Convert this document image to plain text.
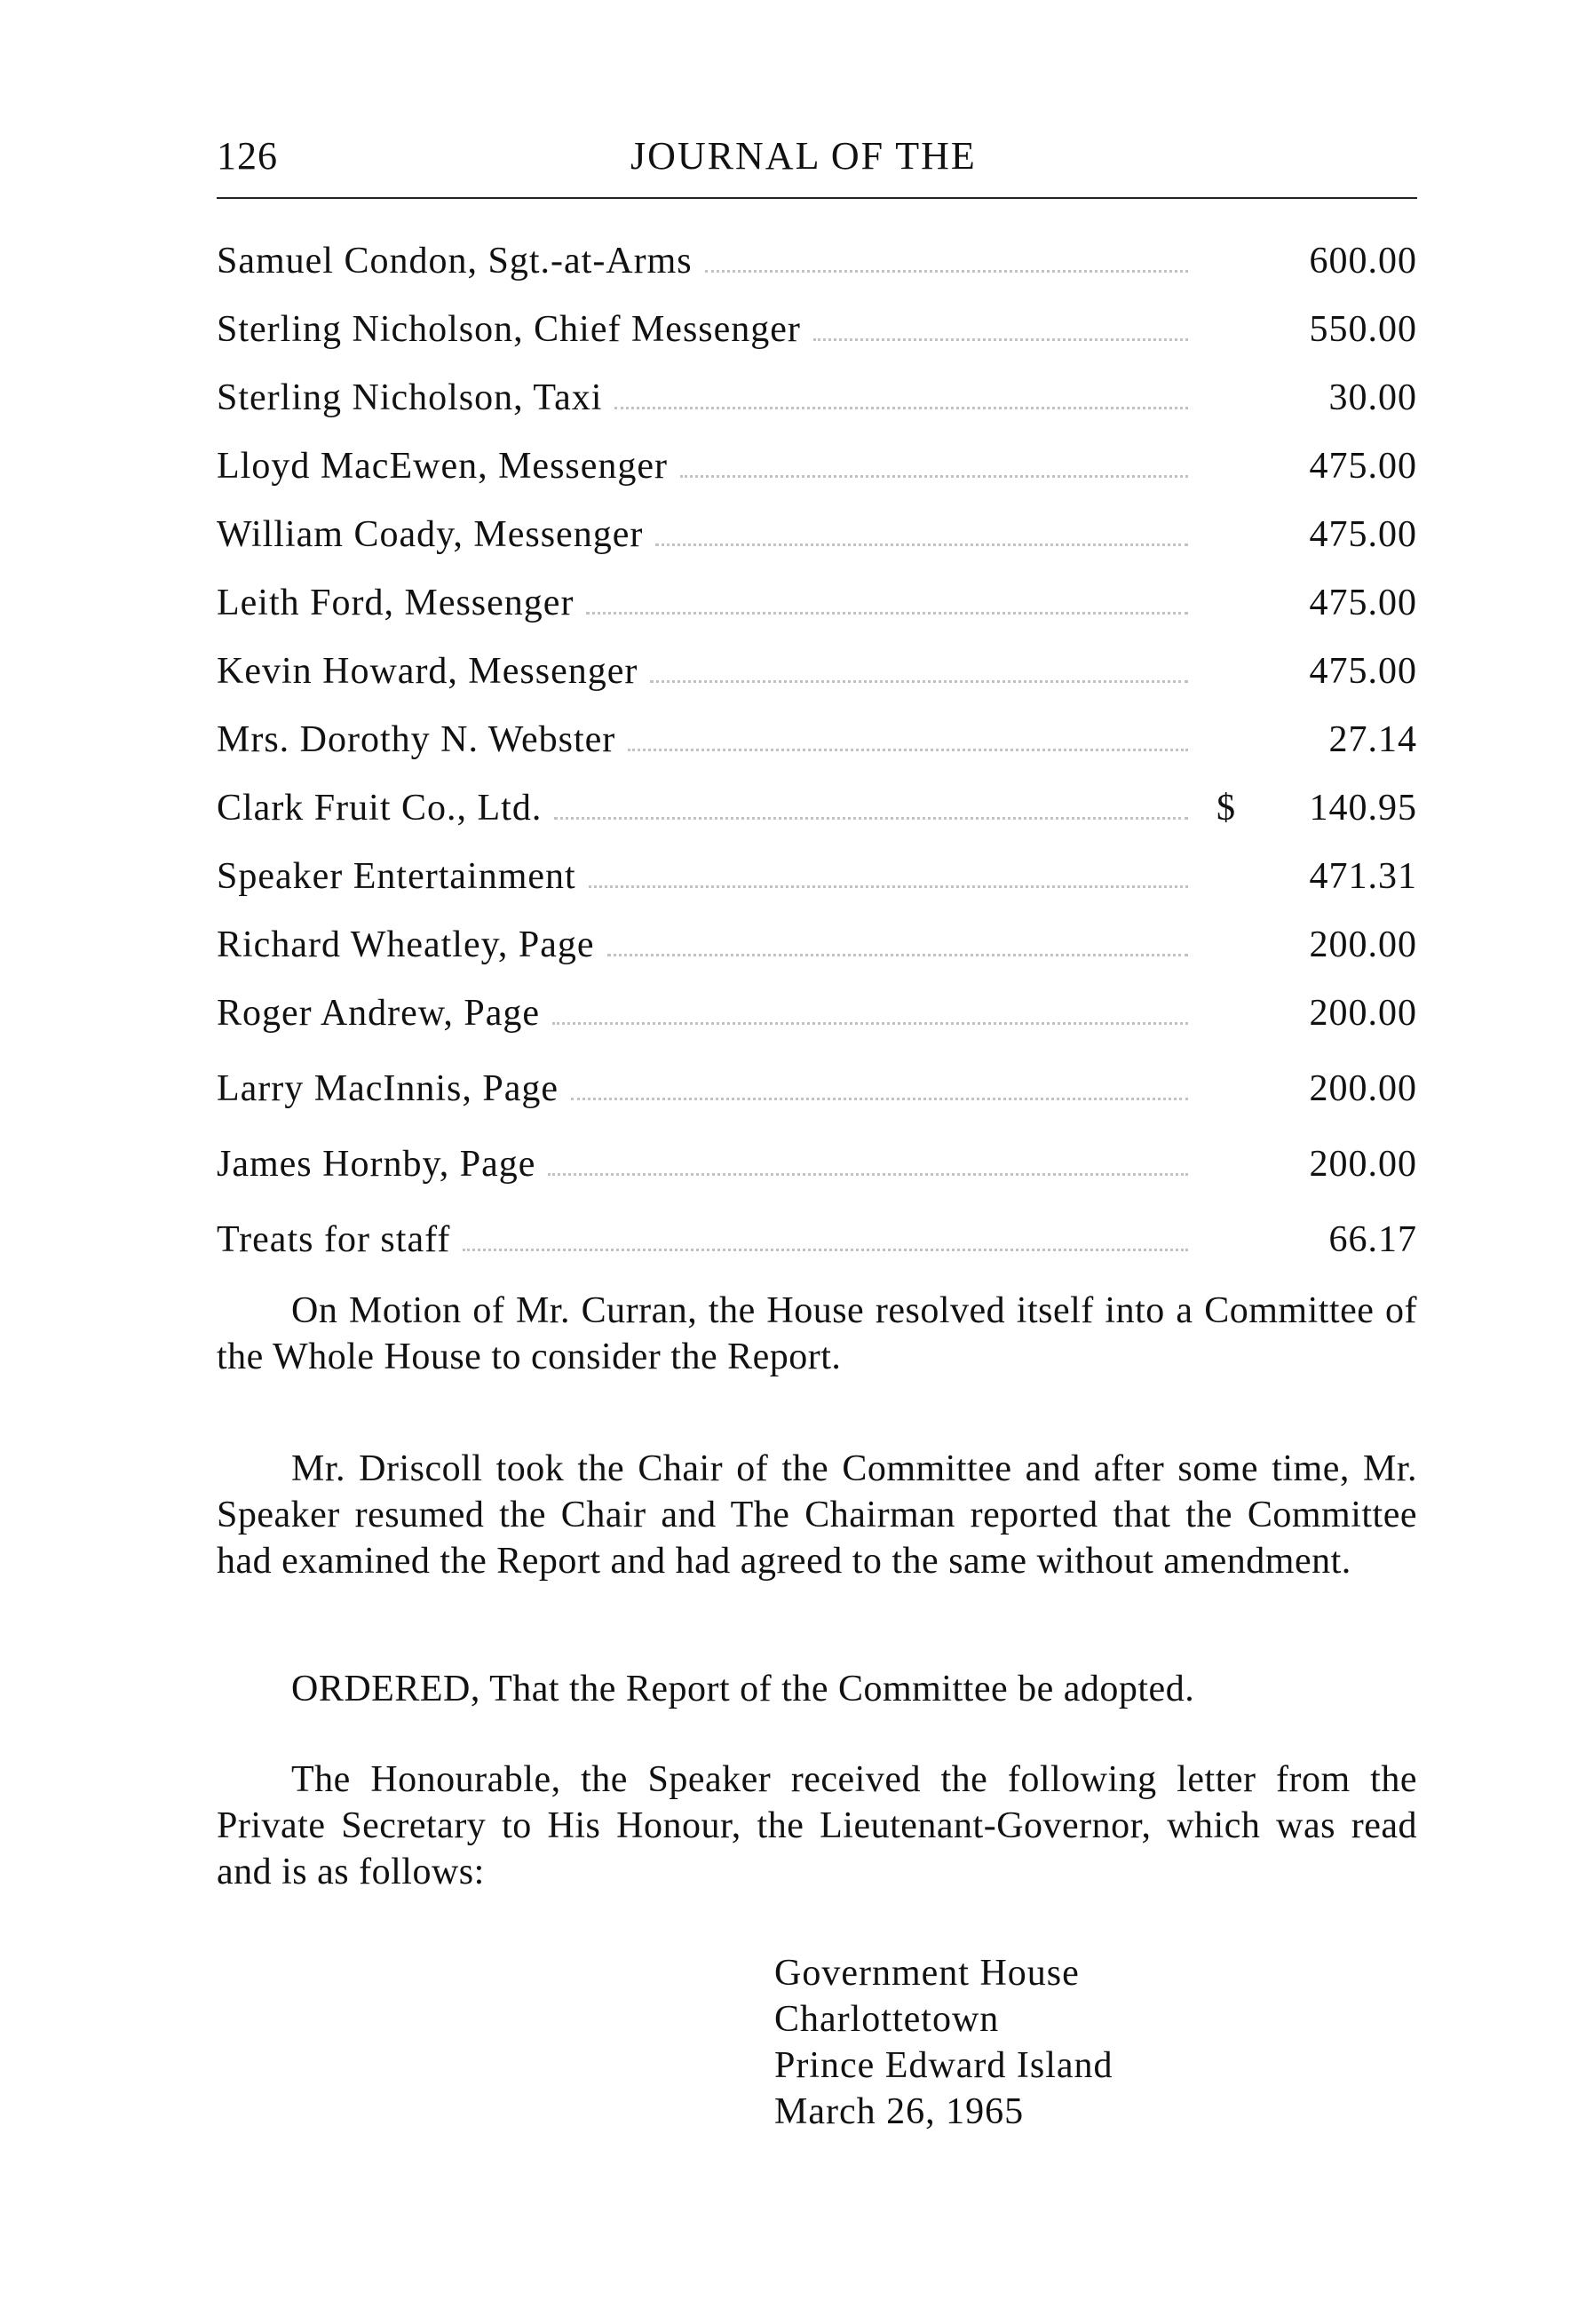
126	JOURNAL OF THE
Samuel Condon, Sgt.-at-Arms	600.00
Sterling Nicholson, Chief Messenger	550.00
Sterling Nicholson, Taxi	30.00
Lloyd MacEwen, Messenger	475.00
William Coady, Messenger	475.00
Leith Ford, Messenger	475.00
Kevin Howard, Messenger	475.00
Mrs. Dorothy N. Webster	27.14
Clark Fruit Co., Ltd.	$	140.95
Speaker Entertainment	471.31
Richard Wheatley, Page	200.00
Roger Andrew, Page	200.00
Larry MacInnis, Page	200.00
James Hornby, Page	200.00
Treats for staff	66.17

On Motion of Mr. Curran, the House resolved itself into a Committee of the Whole House to consider the Report.

Mr. Driscoll took the Chair of the Committee and after some time, Mr. Speaker resumed the Chair and The Chairman reported that the Committee had examined the Report and had agreed to the same without amendment.

ORDERED, That the Report of the Committee be adopted.

The Honourable, the Speaker received the following letter from the Private Secretary to His Honour, the Lieutenant-Governor, which was read and is as follows:

Government House
Charlottetown
Prince Edward Island
March 26, 1965
